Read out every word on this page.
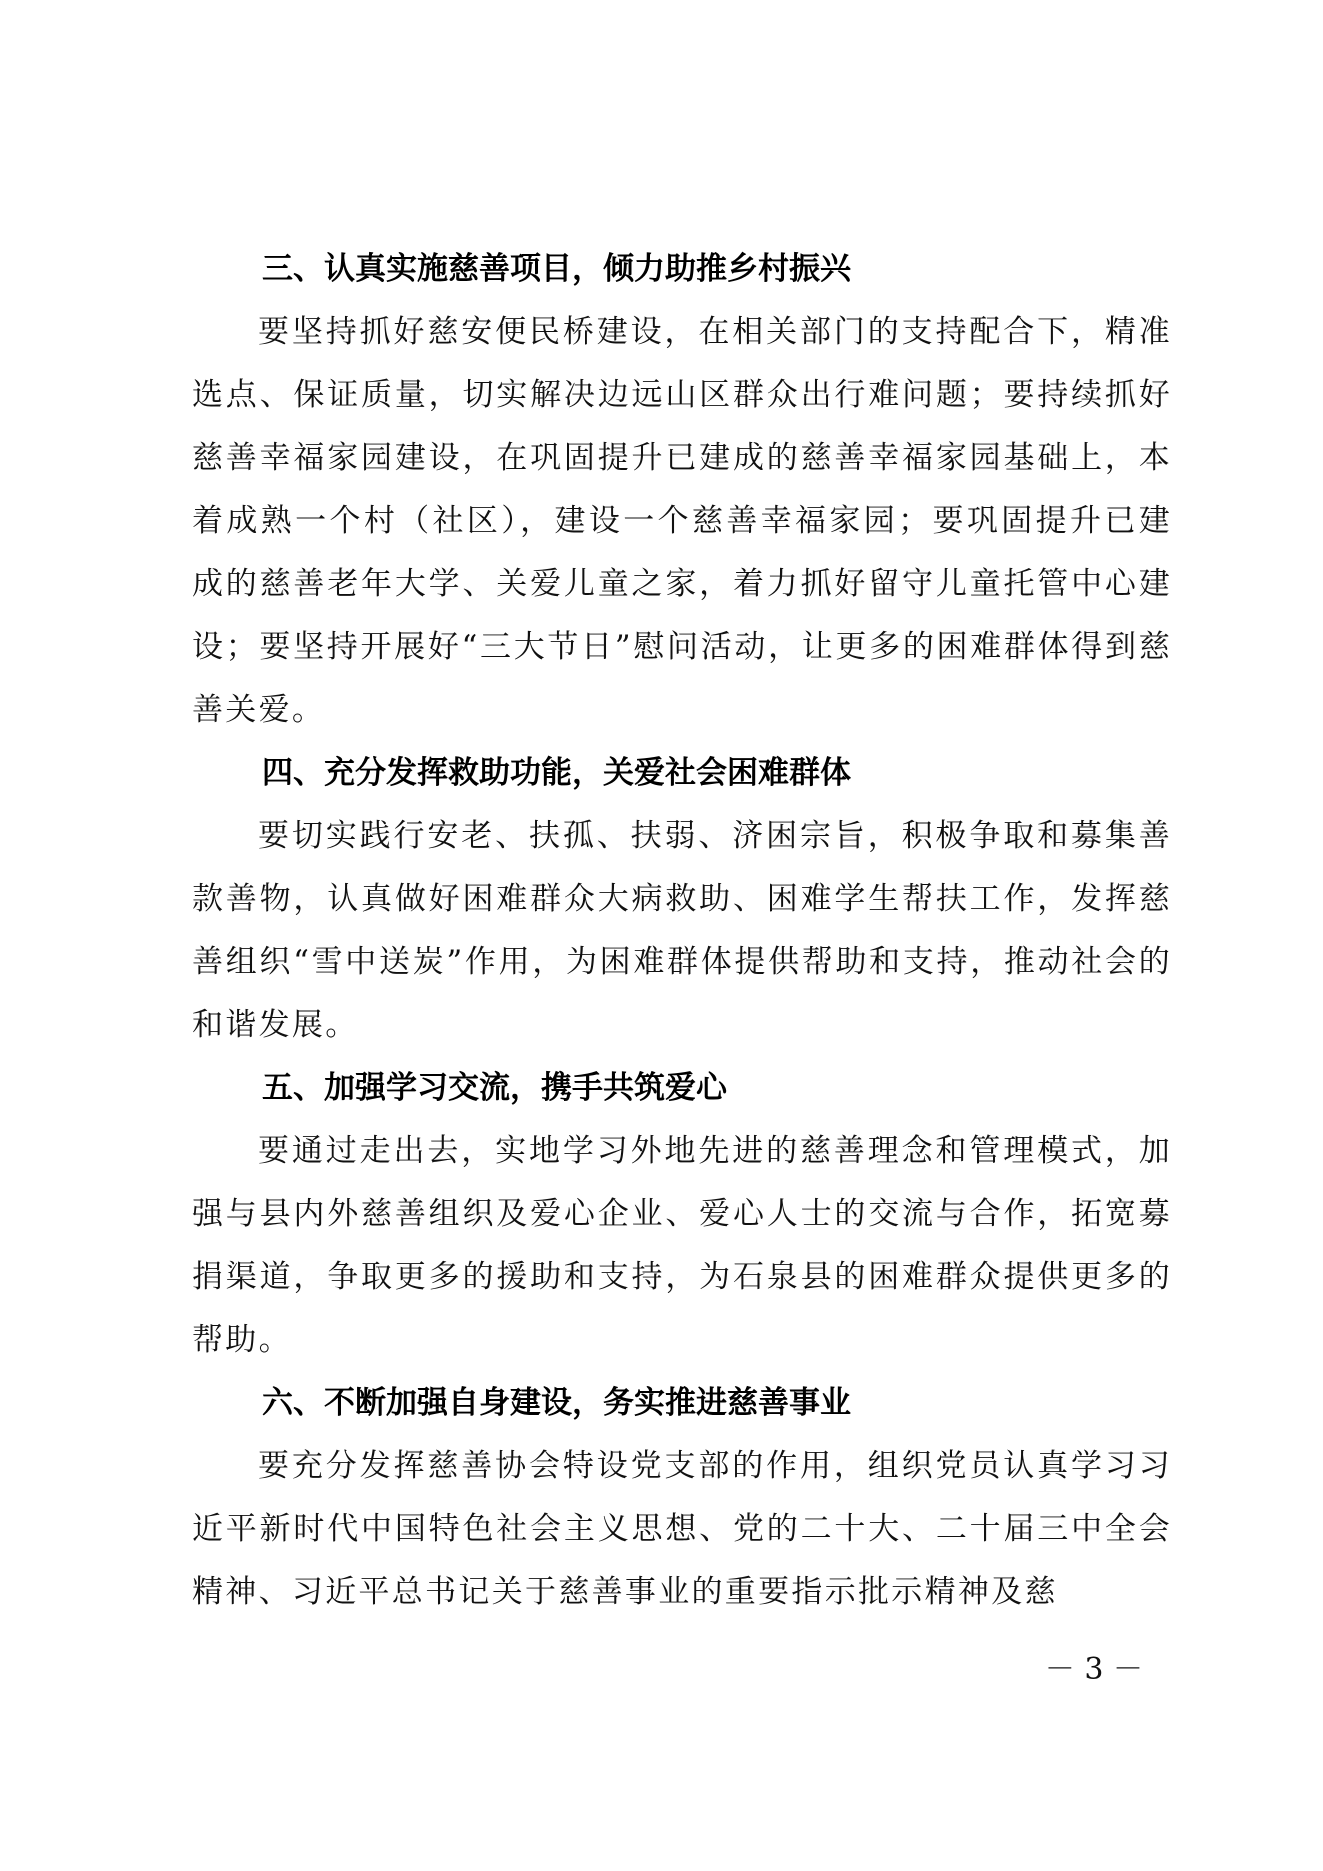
三、认真实施慈善项目，倾力助推乡村振兴

要坚持抓好慈安便民桥建设，在相关部门的支持配合下，精准选点、保证质量，切实解决边远山区群众出行难问题；要持续抓好慈善幸福家园建设，在巩固提升已建成的慈善幸福家园基础上，本着成熟一个村（社区），建设一个慈善幸福家园；要巩固提升已建成的慈善老年大学、关爱儿童之家，着力抓好留守儿童托管中心建设；要坚持开展好“三大节日”慰问活动，让更多的困难群体得到慈善关爱。

四、充分发挥救助功能，关爱社会困难群体

要切实践行安老、扶孤、扶弱、济困宗旨，积极争取和募集善款善物，认真做好困难群众大病救助、困难学生帮扶工作，发挥慈善组织“雪中送炭”作用，为困难群体提供帮助和支持，推动社会的和谐发展。

五、加强学习交流，携手共筑爱心

要通过走出去，实地学习外地先进的慈善理念和管理模式，加强与县内外慈善组织及爱心企业、爱心人士的交流与合作，拓宽募捐渠道，争取更多的援助和支持，为石泉县的困难群众提供更多的帮助。

六、不断加强自身建设，务实推进慈善事业

要充分发挥慈善协会特设党支部的作用，组织党员认真学习习近平新时代中国特色社会主义思想、党的二十大、二十届三中全会精神、习近平总书记关于慈善事业的重要指示批示精神及慈

－ 3 －
